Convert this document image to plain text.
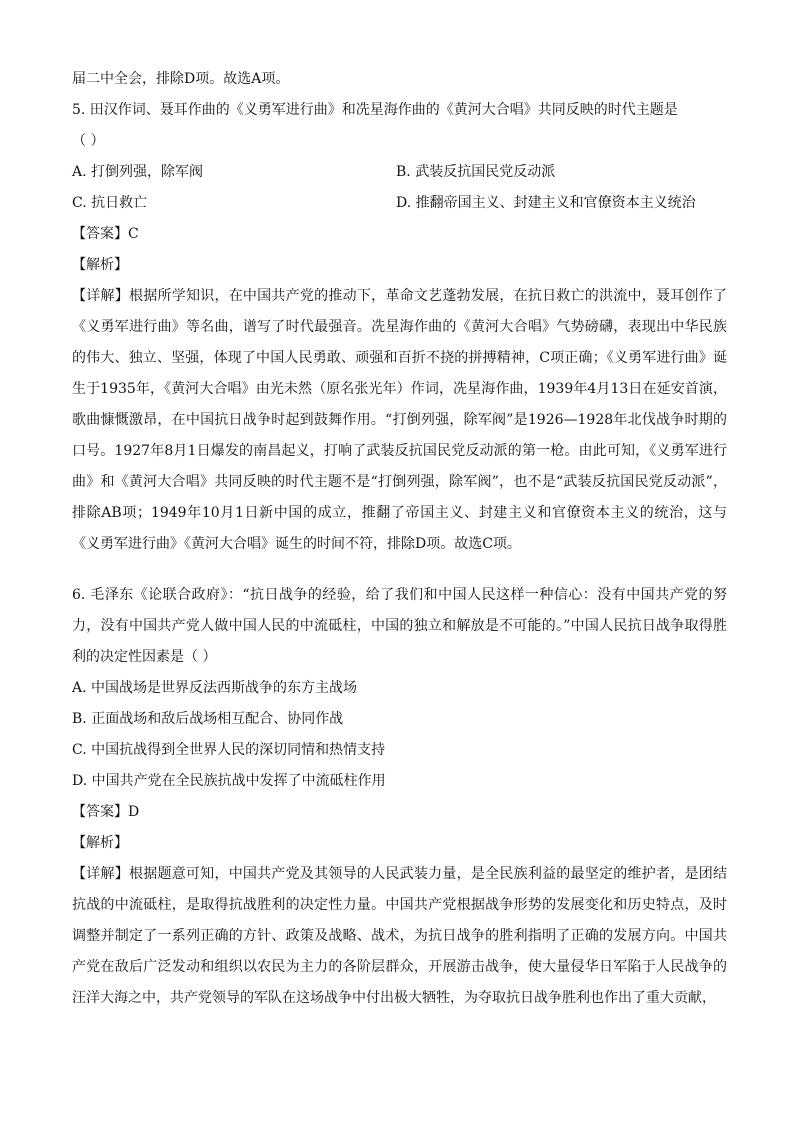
届二中全会，排除D项。故选A项。

5. 田汉作词、聂耳作曲的《义勇军进行曲》和冼星海作曲的《黄河大合唱》共同反映的时代主题是

（ ）

A. 打倒列强，除军阀	B. 武装反抗国民党反动派
C. 抗日救亡	D. 推翻帝国主义、封建主义和官僚资本主义统治

【答案】C

【解析】

【详解】根据所学知识，在中国共产党的推动下，革命文艺蓬勃发展，在抗日救亡的洪流中，聂耳创作了《义勇军进行曲》等名曲，谱写了时代最强音。冼星海作曲的《黄河大合唱》气势磅礴，表现出中华民族的伟大、独立、坚强，体现了中国人民勇敢、顽强和百折不挠的拼搏精神，C项正确；《义勇军进行曲》诞生于1935年，《黄河大合唱》由光未然（原名张光年）作词，冼星海作曲，1939年4月13日在延安首演，歌曲慷慨激昂，在中国抗日战争时起到鼓舞作用。“打倒列强，除军阀”是1926—1928年北伐战争时期的口号。1927年8月1日爆发的南昌起义，打响了武装反抗国民党反动派的第一枪。由此可知，《义勇军进行曲》和《黄河大合唱》共同反映的时代主题不是“打倒列强，除军阀”，也不是“武装反抗国民党反动派”，排除AB项；1949年10月1日新中国的成立，推翻了帝国主义、封建主义和官僚资本主义的统治，这与《义勇军进行曲》《黄河大合唱》诞生的时间不符，排除D项。故选C项。

6. 毛泽东《论联合政府》：“抗日战争的经验，给了我们和中国人民这样一种信心：没有中国共产党的努力，没有中国共产党人做中国人民的中流砥柱，中国的独立和解放是不可能的。”中国人民抗日战争取得胜利的决定性因素是（ ）

A. 中国战场是世界反法西斯战争的东方主战场

B. 正面战场和敌后战场相互配合、协同作战

C. 中国抗战得到全世界人民的深切同情和热情支持

D. 中国共产党在全民族抗战中发挥了中流砥柱作用

【答案】D

【解析】

【详解】根据题意可知，中国共产党及其领导的人民武装力量，是全民族利益的最坚定的维护者，是团结抗战的中流砥柱，是取得抗战胜利的决定性力量。中国共产党根据战争形势的发展变化和历史特点，及时调整并制定了一系列正确的方针、政策及战略、战术，为抗日战争的胜利指明了正确的发展方向。中国共产党在敌后广泛发动和组织以农民为主力的各阶层群众，开展游击战争，使大量侵华日军陷于人民战争的汪洋大海之中，共产党领导的军队在这场战争中付出极大牺牲，为夺取抗日战争胜利也作出了重大贡献，
